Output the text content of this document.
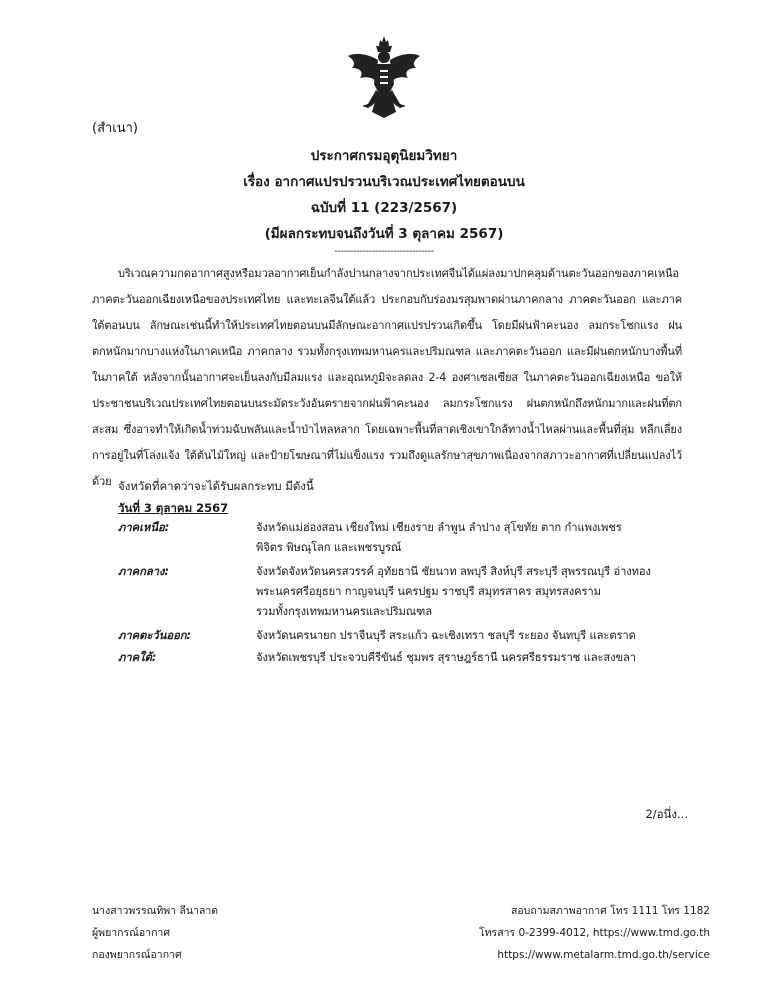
(สำเนา)
ประกาศกรมอุตุนิยมวิทยา
เรื่อง อากาศแปรปรวนบริเวณประเทศไทยตอนบน
ฉบับที่ 11 (223/2567)
(มีผลกระทบจนถึงวันที่ 3 ตุลาคม 2567)
--------------------------------

บริเวณความกดอากาศสูงหรือมวลอากาศเย็นกำลังปานกลางจากประเทศจีนได้แผ่ลงมาปกคลุมด้านตะวันออกของภาคเหนือ ภาคตะวันออกเฉียงเหนือของประเทศไทย และทะเลจีนใต้แล้ว ประกอบกับร่องมรสุมพาดผ่านภาคกลาง ภาคตะวันออก และภาคใต้ตอนบน ลักษณะเช่นนี้ทำให้ประเทศไทยตอนบนมีลักษณะอากาศแปรปรวนเกิดขึ้น โดยมีฝนฟ้าคะนอง ลมกระโชกแรง ฝนตกหนักมากบางแห่งในภาคเหนือ ภาคกลาง รวมทั้งกรุงเทพมหานครและปริมณฑล และภาคตะวันออก และมีฝนตกหนักบางพื้นที่ในภาคใต้ หลังจากนั้นอากาศจะเย็นลงกับมีลมแรง และอุณหภูมิจะลดลง 2-4 องศาเซลเซียส ในภาคตะวันออกเฉียงเหนือ ขอให้ประชาชนบริเวณประเทศไทยตอนบนระมัดระวังอันตรายจากฝนฟ้าคะนอง ลมกระโชกแรง ฝนตกหนักถึงหนักมากและฝนที่ตกสะสม ซึ่งอาจทำให้เกิดน้ำท่วมฉับพลันและน้ำป่าไหลหลาก โดยเฉพาะพื้นที่ลาดเชิงเขาใกล้ทางน้ำไหลผ่านและพื้นที่ลุ่ม หลีกเลี่ยงการอยู่ในที่โล่งแจ้ง ใต้ต้นไม้ใหญ่ และป้ายโฆษณาที่ไม่แข็งแรง รวมถึงดูแลรักษาสุขภาพเนื่องจากสภาวะอากาศที่เปลี่ยนแปลงไว้ด้วย จังหวัดที่คาดว่าจะได้รับผลกระทบ มีดังนี้
วันที่ 3 ตุลาคม 2567
ภาคเหนือ:	จังหวัดแม่ฮ่องสอน เชียงใหม่ เชียงราย ลำพูน ลำปาง สุโขทัย ตาก กำแพงเพชร
พิจิตร พิษณุโลก และเพชรบูรณ์
ภาคกลาง:	จังหวัดจังหวัดนครสวรรค์ อุทัยธานี ชัยนาท ลพบุรี สิงห์บุรี สระบุรี สุพรรณบุรี อ่างทอง
พระนครศรีอยุธยา กาญจนบุรี นครปฐม ราชบุรี สมุทรสาคร สมุทรสงคราม
รวมทั้งกรุงเทพมหานครและปริมณฑล
ภาคตะวันออก:	จังหวัดนครนายก ปราจีนบุรี สระแก้ว ฉะเชิงเทรา ชลบุรี ระยอง จันทบุรี และตราด
ภาคใต้:	จังหวัดเพชรบุรี ประจวบคีรีขันธ์ ชุมพร สุราษฎร์ธานี นครศรีธรรมราช และสงขลา
2/อนึ่ง...
นางสาวพรรณทิพา ลีนาลาด
ผู้พยากรณ์อากาศ
กองพยากรณ์อากาศ
สอบถามสภาพอากาศ โทร 1111 โทร 1182
โทรสาร 0-2399-4012, https://www.tmd.go.th
https://www.metalarm.tmd.go.th/service
